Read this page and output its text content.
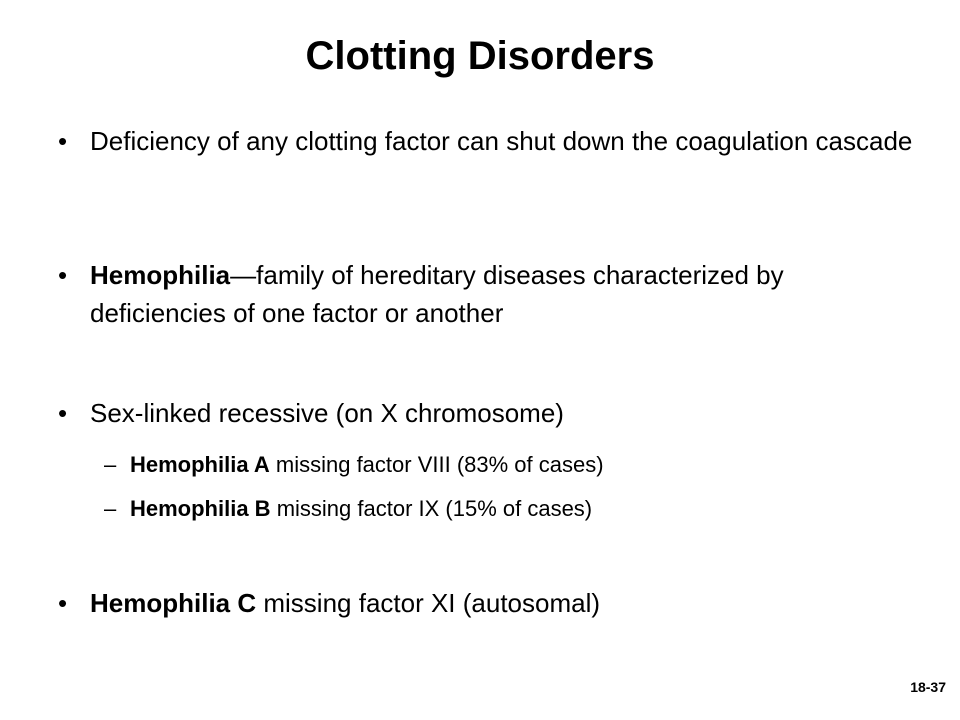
Clotting Disorders
• Deficiency of any clotting factor can shut down the coagulation cascade
• Hemophilia—family of hereditary diseases characterized by deficiencies of one factor or another
• Sex-linked recessive (on X chromosome)
– Hemophilia A missing factor VIII (83% of cases)
– Hemophilia B missing factor IX (15% of cases)
• Hemophilia C missing factor XI (autosomal)
18-37
